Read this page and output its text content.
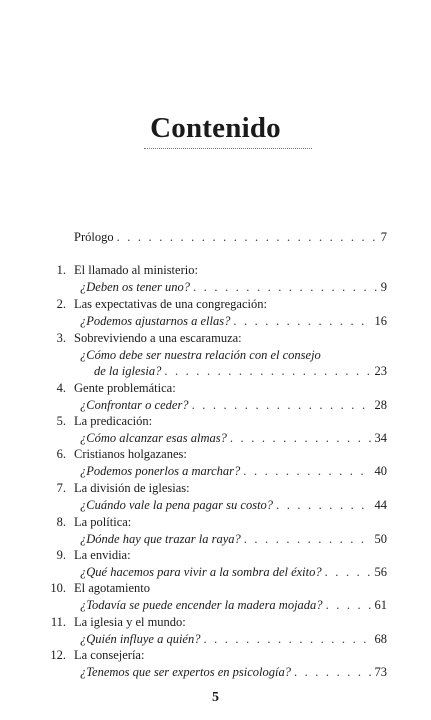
Contenido
Prólogo . . .	7
1. El llamado al ministerio:
¿Deben os tener uno? . . .	9
2. Las expectativas de una congregación:
¿Podemos ajustarnos a ellas? . . .	16
3. Sobreviviendo a una escaramuza:
¿Cómo debe ser nuestra relación con el consejo
de la iglesia? . . .	23
4. Gente problemática:
¿Confrontar o ceder? . . .	28
5. La predicación:
¿Cómo alcanzar esas almas? . . .	34
6. Cristianos holgazanes:
¿Podemos ponerlos a marchar? . . .	40
7. La división de iglesias:
¿Cuándo vale la pena pagar su costo? . . .	44
8. La política:
¿Dónde hay que trazar la raya? . . .	50
9. La envidia:
¿Qué hacemos para vivir a la sombra del éxito? . . .	56
10. El agotamiento
¿Todavía se puede encender la madera mojada? . . .	61
11. La iglesia y el mundo:
¿Quién influye a quién? . . .	68
12. La consejería:
¿Tenemos que ser expertos en psicología? . . .	73
5
